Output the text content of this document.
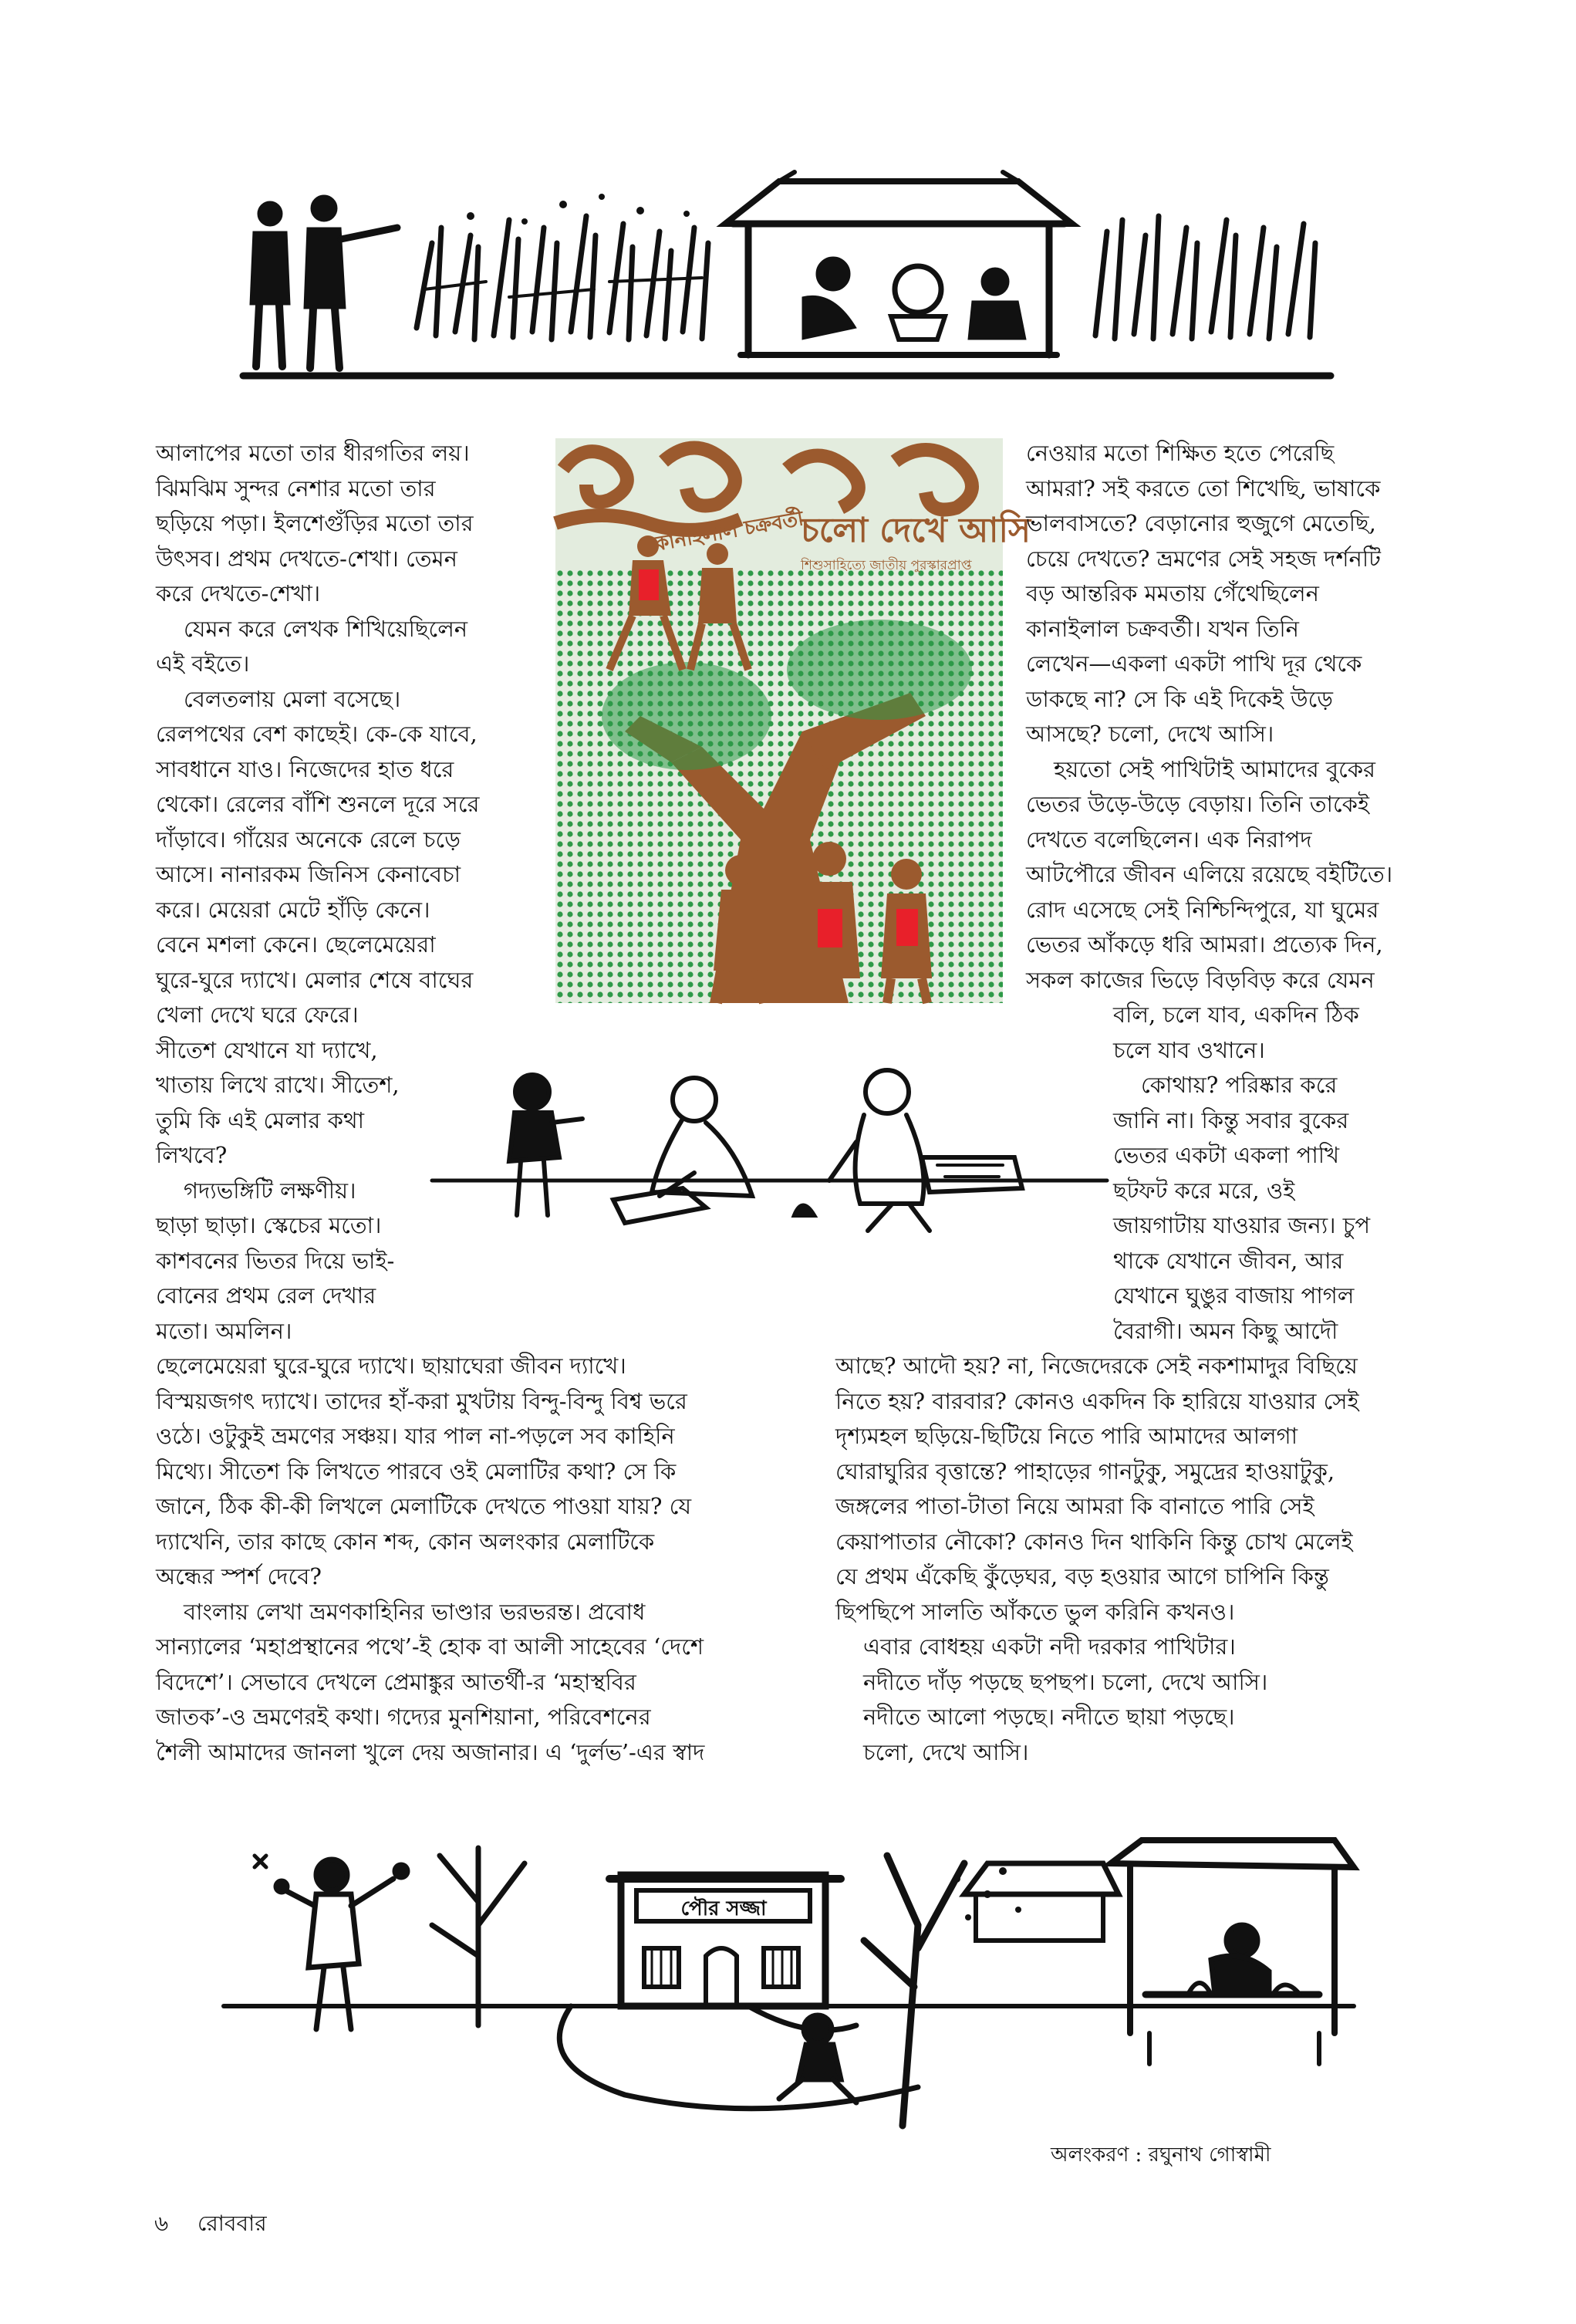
কানাইলাল চক্রবর্তী
চলো দেখে আসি
শিশুসাহিত্যে জাতীয় পুরস্কারপ্রাপ্ত

আলাপের মতো তার ধীরগতির লয়।

ঝিমঝিম সুন্দর নেশার মতো তার

ছড়িয়ে পড়া। ইলশেগুঁড়ির মতো তার

উৎসব। প্রথম দেখতে-শেখা। তেমন

করে দেখতে-শেখা।

যেমন করে লেখক শিখিয়েছিলেন

এই বইতে।

বেলতলায় মেলা বসেছে।

রেলপথের বেশ কাছেই। কে-কে যাবে,

সাবধানে যাও। নিজেদের হাত ধরে

থেকো। রেলের বাঁশি শুনলে দূরে সরে

দাঁড়াবে। গাঁয়ের অনেকে রেলে চড়ে

আসে। নানারকম জিনিস কেনাবেচা

করে। মেয়েরা মেটে হাঁড়ি কেনে।

বেনে মশলা কেনে। ছেলেমেয়েরা

ঘুরে-ঘুরে দ্যাখে। মেলার শেষে বাঘের

খেলা দেখে ঘরে ফেরে।

সীতেশ যেখানে যা দ্যাখে,

খাতায় লিখে রাখে। সীতেশ,

তুমি কি এই মেলার কথা

লিখবে?

গদ্যভঙ্গিটি লক্ষণীয়।

ছাড়া ছাড়া। স্কেচের মতো।

কাশবনের ভিতর দিয়ে ভাই-

বোনের প্রথম রেল দেখার

মতো। অমলিন।

নেওয়ার মতো শিক্ষিত হতে পেরেছি

আমরা? সই করতে তো শিখেছি, ভাষাকে

ভালবাসতে? বেড়ানোর হুজুগে মেতেছি,

চেয়ে দেখতে? ভ্রমণের সেই সহজ দর্শনটি

বড় আন্তরিক মমতায় গেঁথেছিলেন

কানাইলাল চক্রবর্তী। যখন তিনি

লেখেন—একলা একটা পাখি দূর থেকে

ডাকছে না? সে কি এই দিকেই উড়ে

আসছে? চলো, দেখে আসি।

হয়তো সেই পাখিটাই আমাদের বুকের

ভেতর উড়ে-উড়ে বেড়ায়। তিনি তাকেই

দেখতে বলেছিলেন। এক নিরাপদ

আটপৌরে জীবন এলিয়ে রয়েছে বইটিতে।

রোদ এসেছে সেই নিশ্চিন্দিপুরে, যা ঘুমের

ভেতর আঁকড়ে ধরি আমরা। প্রত্যেক দিন,

সকল কাজের ভিড়ে বিড়বিড় করে যেমন

বলি, চলে যাব, একদিন ঠিক

চলে যাব ওখানে।

কোথায়? পরিষ্কার করে

জানি না। কিন্তু সবার বুকের

ভেতর একটা একলা পাখি

ছটফট করে মরে, ওই

জায়গাটায় যাওয়ার জন্য। চুপ

থাকে যেখানে জীবন, আর

যেখানে ঘুঙুর বাজায় পাগল

বৈরাগী। অমন কিছু আদৌ

ছেলেমেয়েরা ঘুরে-ঘুরে দ্যাখে। ছায়াঘেরা জীবন দ্যাখে।

বিস্ময়জগৎ দ্যাখে। তাদের হাঁ-করা মুখটায় বিন্দু-বিন্দু বিশ্ব ভরে

ওঠে। ওটুকুই ভ্রমণের সঞ্চয়। যার পাল না-পড়লে সব কাহিনি

মিথ্যে। সীতেশ কি লিখতে পারবে ওই মেলাটির কথা? সে কি

জানে, ঠিক কী-কী লিখলে মেলাটিকে দেখতে পাওয়া যায়? যে

দ্যাখেনি, তার কাছে কোন শব্দ, কোন অলংকার মেলাটিকে

অন্ধের স্পর্শ দেবে?

বাংলায় লেখা ভ্রমণকাহিনির ভাণ্ডার ভরভরন্ত। প্রবোধ

সান্যালের ‘মহাপ্রস্থানের পথে’-ই হোক বা আলী সাহেবের ‘দেশে

বিদেশে’। সেভাবে দেখলে প্রেমাঙ্কুর আতর্থী-র ‘মহাস্থবির

জাতক’-ও ভ্রমণেরই কথা। গদ্যের মুনশিয়ানা, পরিবেশনের

শৈলী আমাদের জানলা খুলে দেয় অজানার। এ ‘দুর্লভ’-এর স্বাদ

আছে? আদৌ হয়? না, নিজেদেরকে সেই নকশামাদুর বিছিয়ে

নিতে হয়? বারবার? কোনও একদিন কি হারিয়ে যাওয়ার সেই

দৃশ্যমহল ছড়িয়ে-ছিটিয়ে নিতে পারি আমাদের আলগা

ঘোরাঘুরির বৃত্তান্তে? পাহাড়ের গানটুকু, সমুদ্রের হাওয়াটুকু,

জঙ্গলের পাতা-টাতা নিয়ে আমরা কি বানাতে পারি সেই

কেয়াপাতার নৌকো? কোনও দিন থাকিনি কিন্তু চোখ মেলেই

যে প্রথম এঁকেছি কুঁড়েঘর, বড় হওয়ার আগে চাপিনি কিন্তু

ছিপছিপে সালতি আঁকতে ভুল করিনি কখনও।

এবার বোধহয় একটা নদী দরকার পাখিটার।

নদীতে দাঁড় পড়ছে ছপছপ। চলো, দেখে আসি।

নদীতে আলো পড়ছে। নদীতে ছায়া পড়ছে।

চলো, দেখে আসি।

পৌর সজ্জা
অলংকরণ : রঘুনাথ গোস্বামী
৬ রোববার
